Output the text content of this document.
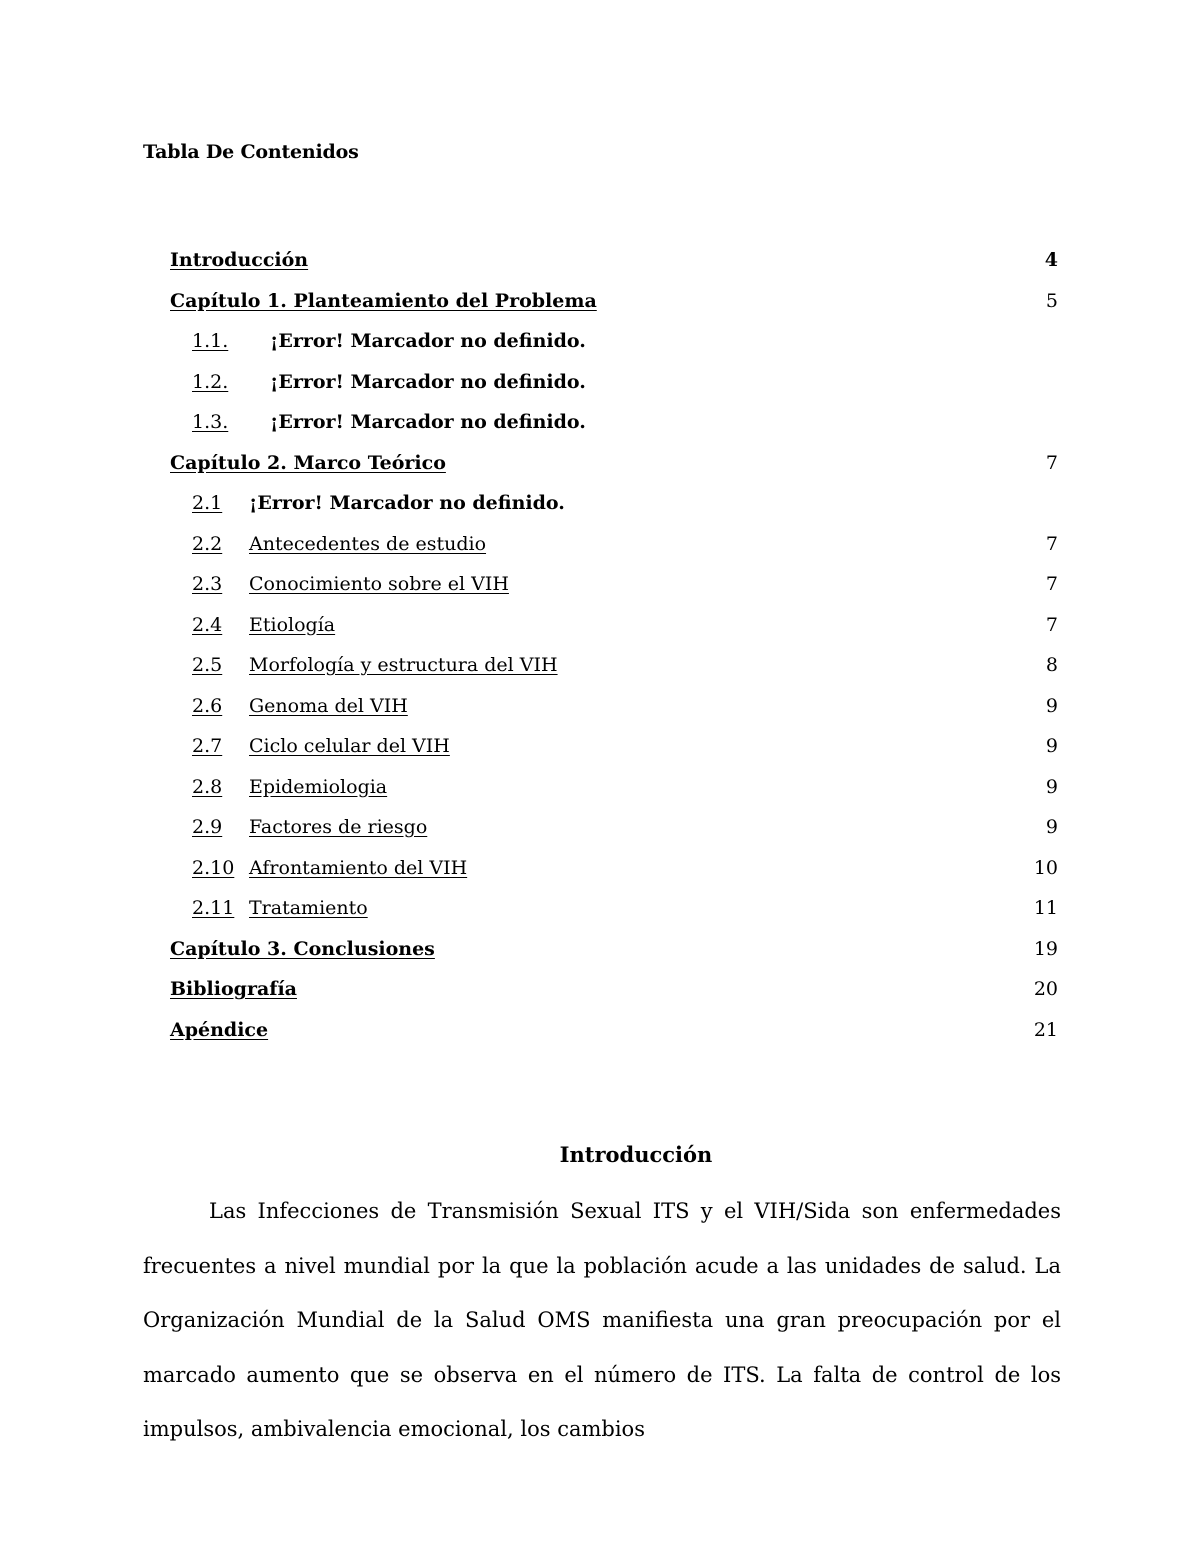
Tabla De Contenidos
Introducción	4
Capítulo 1. Planteamiento del Problema	5
1.1. ¡Error! Marcador no definido.
1.2. ¡Error! Marcador no definido.
1.3. ¡Error! Marcador no definido.
Capítulo 2. Marco Teórico	7
2.1 ¡Error! Marcador no definido.
2.2 Antecedentes de estudio	7
2.3 Conocimiento sobre el VIH	7
2.4 Etiología	7
2.5 Morfología y estructura del VIH	8
2.6 Genoma del VIH	9
2.7 Ciclo celular del VIH	9
2.8 Epidemiologia	9
2.9 Factores de riesgo	9
2.10 Afrontamiento del VIH	10
2.11 Tratamiento	11
Capítulo 3. Conclusiones	19
Bibliografía	20
Apéndice	21
Introducción

Las Infecciones de Transmisión Sexual ITS y el VIH/Sida son enfermedades frecuentes a nivel mundial por la que la población acude a las unidades de salud. La Organización Mundial de la Salud OMS manifiesta una gran preocupación por el marcado aumento que se observa en el número de ITS. La falta de control de los impulsos, ambivalencia emocional, los cambios
